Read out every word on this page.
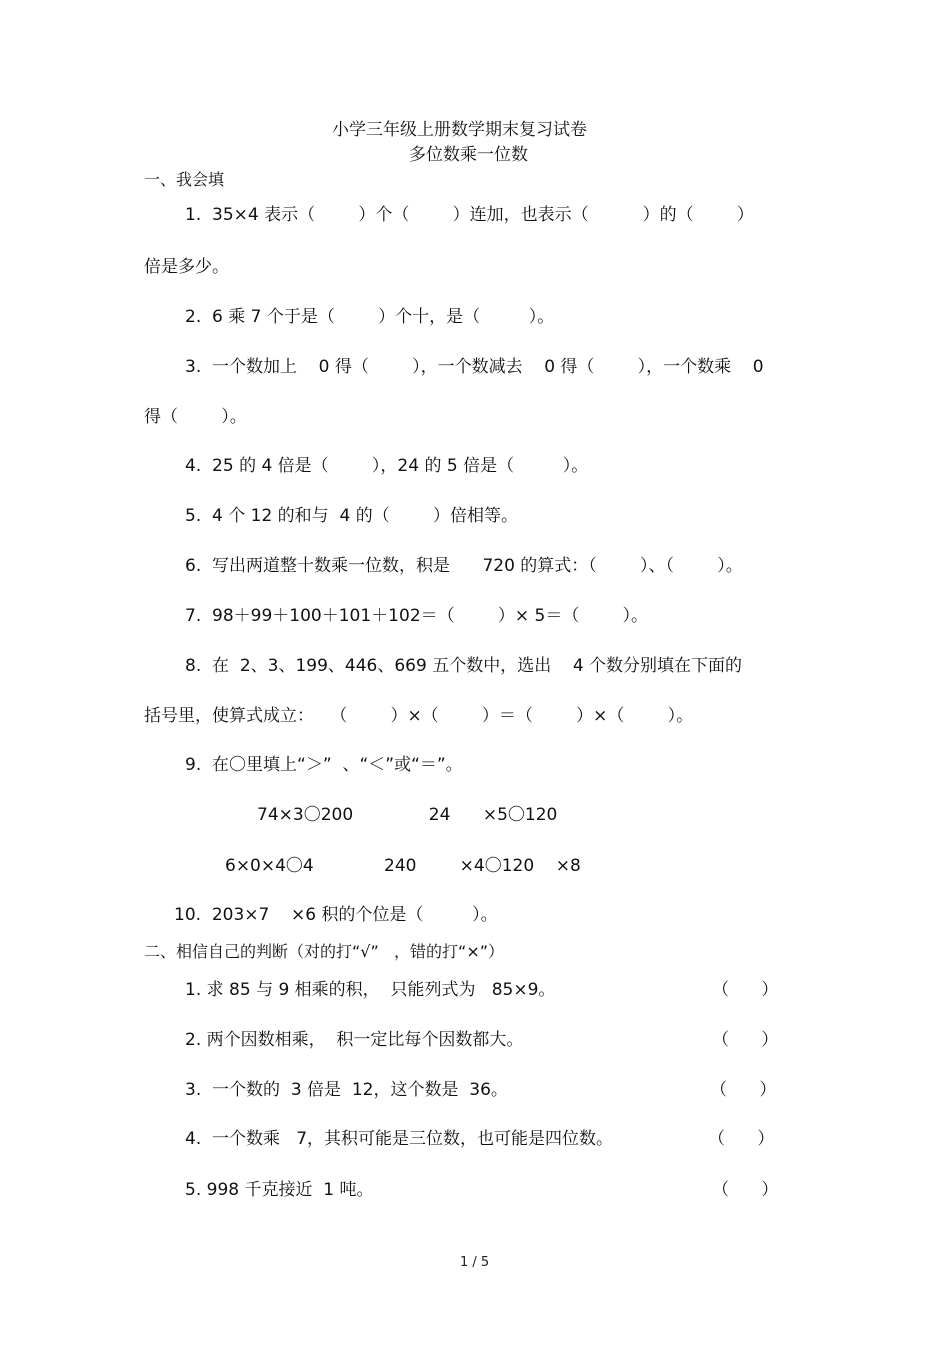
小学三年级上册数学期末复习试卷

多位数乘一位数

一、我会填

1.  35×4 表示（        ）个（        ）连加，也表示（          ）的（        ）

倍是多少。

2.  6 乘 7 个于是（        ）个十，是（         ）。

3.  一个数加上    0 得（        ），一个数减去    0 得（        ），一个数乘    0

得（        ）。

4.  25 的 4 倍是（        ），24 的 5 倍是（         ）。

5.  4 个 12 的和与  4 的（        ）倍相等。

6.  写出两道整十数乘一位数，积是      720 的算式：（        ）、（        ）。

7.  98＋99＋100＋101＋102＝（        ）× 5＝（        ）。

8.  在  2、3、199、446、669 五个数中，选出    4 个数分别填在下面的

括号里，使算式成立：   （        ）×（        ）＝（        ）×（        ）。

9.  在〇里填上“＞”  、“＜”或“＝”。

74×3〇200              24      ×5〇120

6×0×4〇4             240        ×4〇120    ×8

10.  203×7    ×6 积的个位是（         ）。

二、相信自己的判断（对的打“√”   ，错的打“×”）

1. 求 85 与 9 相乘的积，  只能列式为   85×9。	（      ）

2. 两个因数相乘，  积一定比每个因数都大。	（      ）

3.  一个数的  3 倍是  12，这个数是  36。	（      ）

4.  一个数乘   7，其积可能是三位数，也可能是四位数。	（      ）

5. 998 千克接近  1 吨。	（      ）

1 / 5
